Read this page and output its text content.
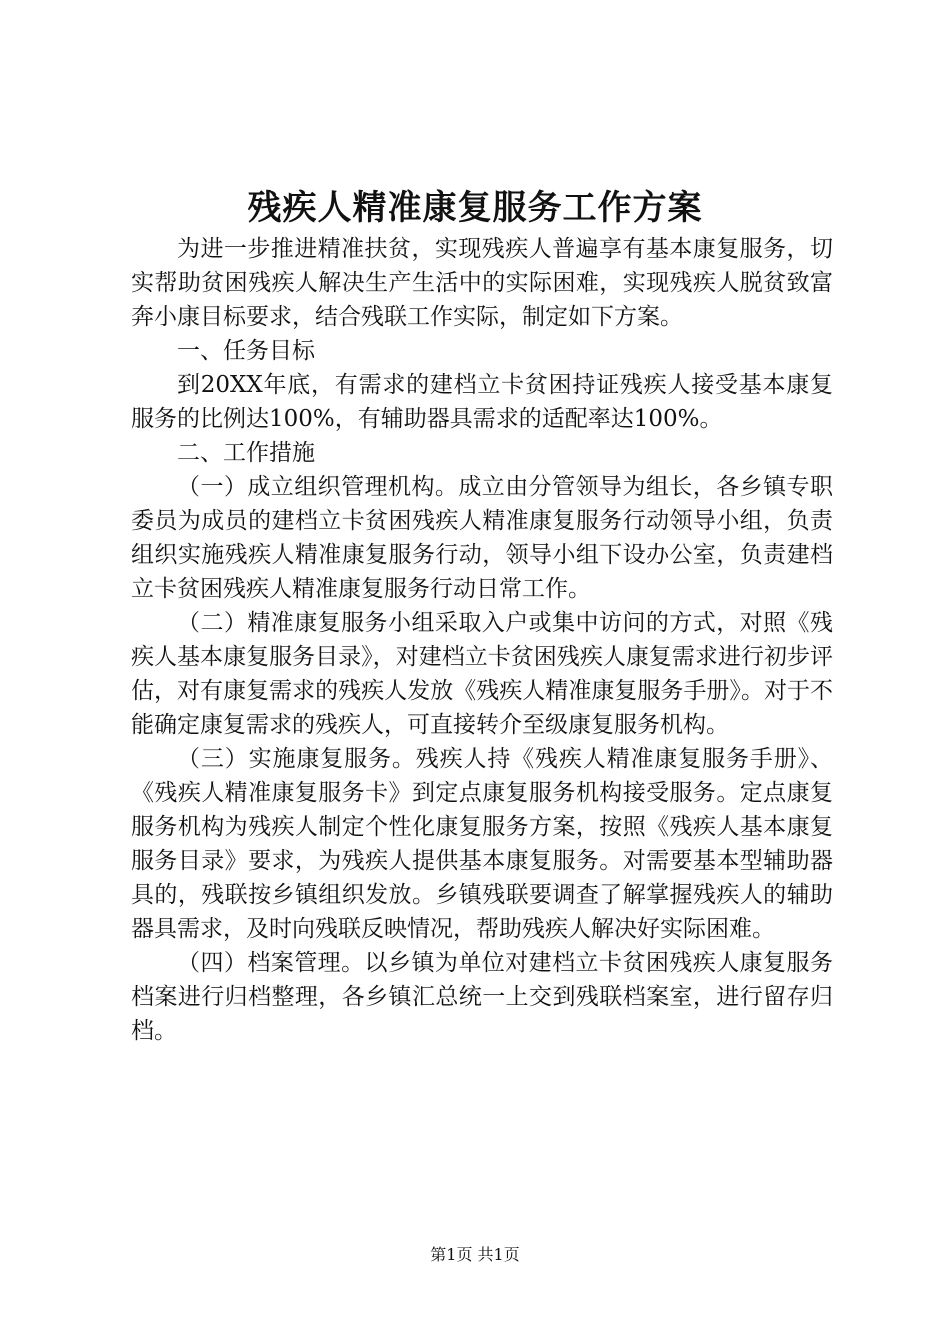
残疾人精准康复服务工作方案

为进一步推进精准扶贫，实现残疾人普遍享有基本康复服务，切实帮助贫困残疾人解决生产生活中的实际困难，实现残疾人脱贫致富奔小康目标要求，结合残联工作实际，制定如下方案。

一、任务目标

到20XX年底，有需求的建档立卡贫困持证残疾人接受基本康复服务的比例达100%，有辅助器具需求的适配率达100%。

二、工作措施

（一）成立组织管理机构。成立由分管领导为组长，各乡镇专职委员为成员的建档立卡贫困残疾人精准康复服务行动领导小组，负责组织实施残疾人精准康复服务行动，领导小组下设办公室，负责建档立卡贫困残疾人精准康复服务行动日常工作。

（二）精准康复服务小组采取入户或集中访问的方式，对照《残疾人基本康复服务目录》，对建档立卡贫困残疾人康复需求进行初步评估，对有康复需求的残疾人发放《残疾人精准康复服务手册》。对于不能确定康复需求的残疾人，可直接转介至级康复服务机构。

（三）实施康复服务。残疾人持《残疾人精准康复服务手册》、《残疾人精准康复服务卡》到定点康复服务机构接受服务。定点康复服务机构为残疾人制定个性化康复服务方案，按照《残疾人基本康复服务目录》要求，为残疾人提供基本康复服务。对需要基本型辅助器具的，残联按乡镇组织发放。乡镇残联要调查了解掌握残疾人的辅助器具需求，及时向残联反映情况，帮助残疾人解决好实际困难。

（四）档案管理。以乡镇为单位对建档立卡贫困残疾人康复服务档案进行归档整理，各乡镇汇总统一上交到残联档案室，进行留存归档。

第1页 共1页
